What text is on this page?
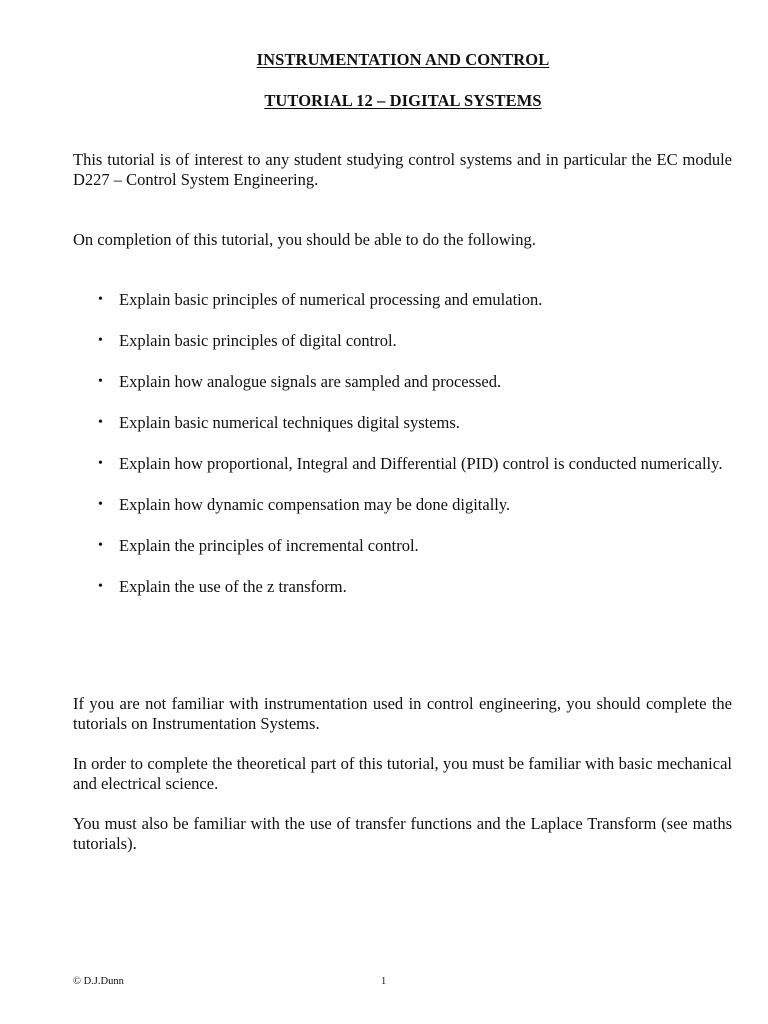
INSTRUMENTATION AND CONTROL
TUTORIAL 12 – DIGITAL SYSTEMS
This tutorial is of interest to any student studying control systems and in particular the EC module D227 – Control System Engineering.
On completion of this tutorial, you should be able to do the following.
• Explain basic principles of numerical processing and emulation.
• Explain basic principles of digital control.
• Explain how analogue signals are sampled and processed.
• Explain basic numerical techniques digital systems.
• Explain how proportional, Integral and Differential (PID) control is conducted numerically.
• Explain how dynamic compensation may be done digitally.
• Explain the principles of incremental control.
• Explain the use of the z transform.
If you are not familiar with instrumentation used in control engineering, you should complete the tutorials on Instrumentation Systems.
In order to complete the theoretical part of this tutorial, you must be familiar with basic mechanical and electrical science.
You must also be familiar with the use of transfer functions and the Laplace Transform (see maths tutorials).
© D.J.Dunn	1
